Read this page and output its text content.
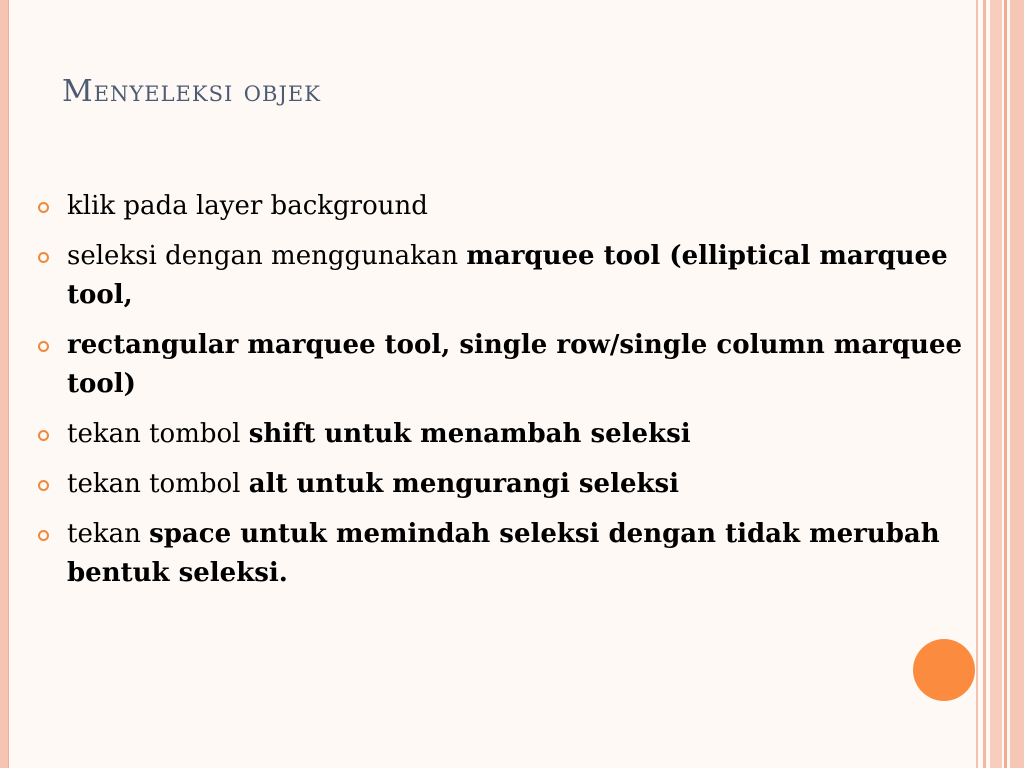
Menyeleksi objek
klik pada layer background
seleksi dengan menggunakan marquee tool (elliptical marquee tool,
rectangular marquee tool, single row/single column marquee tool)
tekan tombol shift untuk menambah seleksi
tekan tombol alt untuk mengurangi seleksi
tekan space untuk memindah seleksi dengan tidak merubah bentuk seleksi.
